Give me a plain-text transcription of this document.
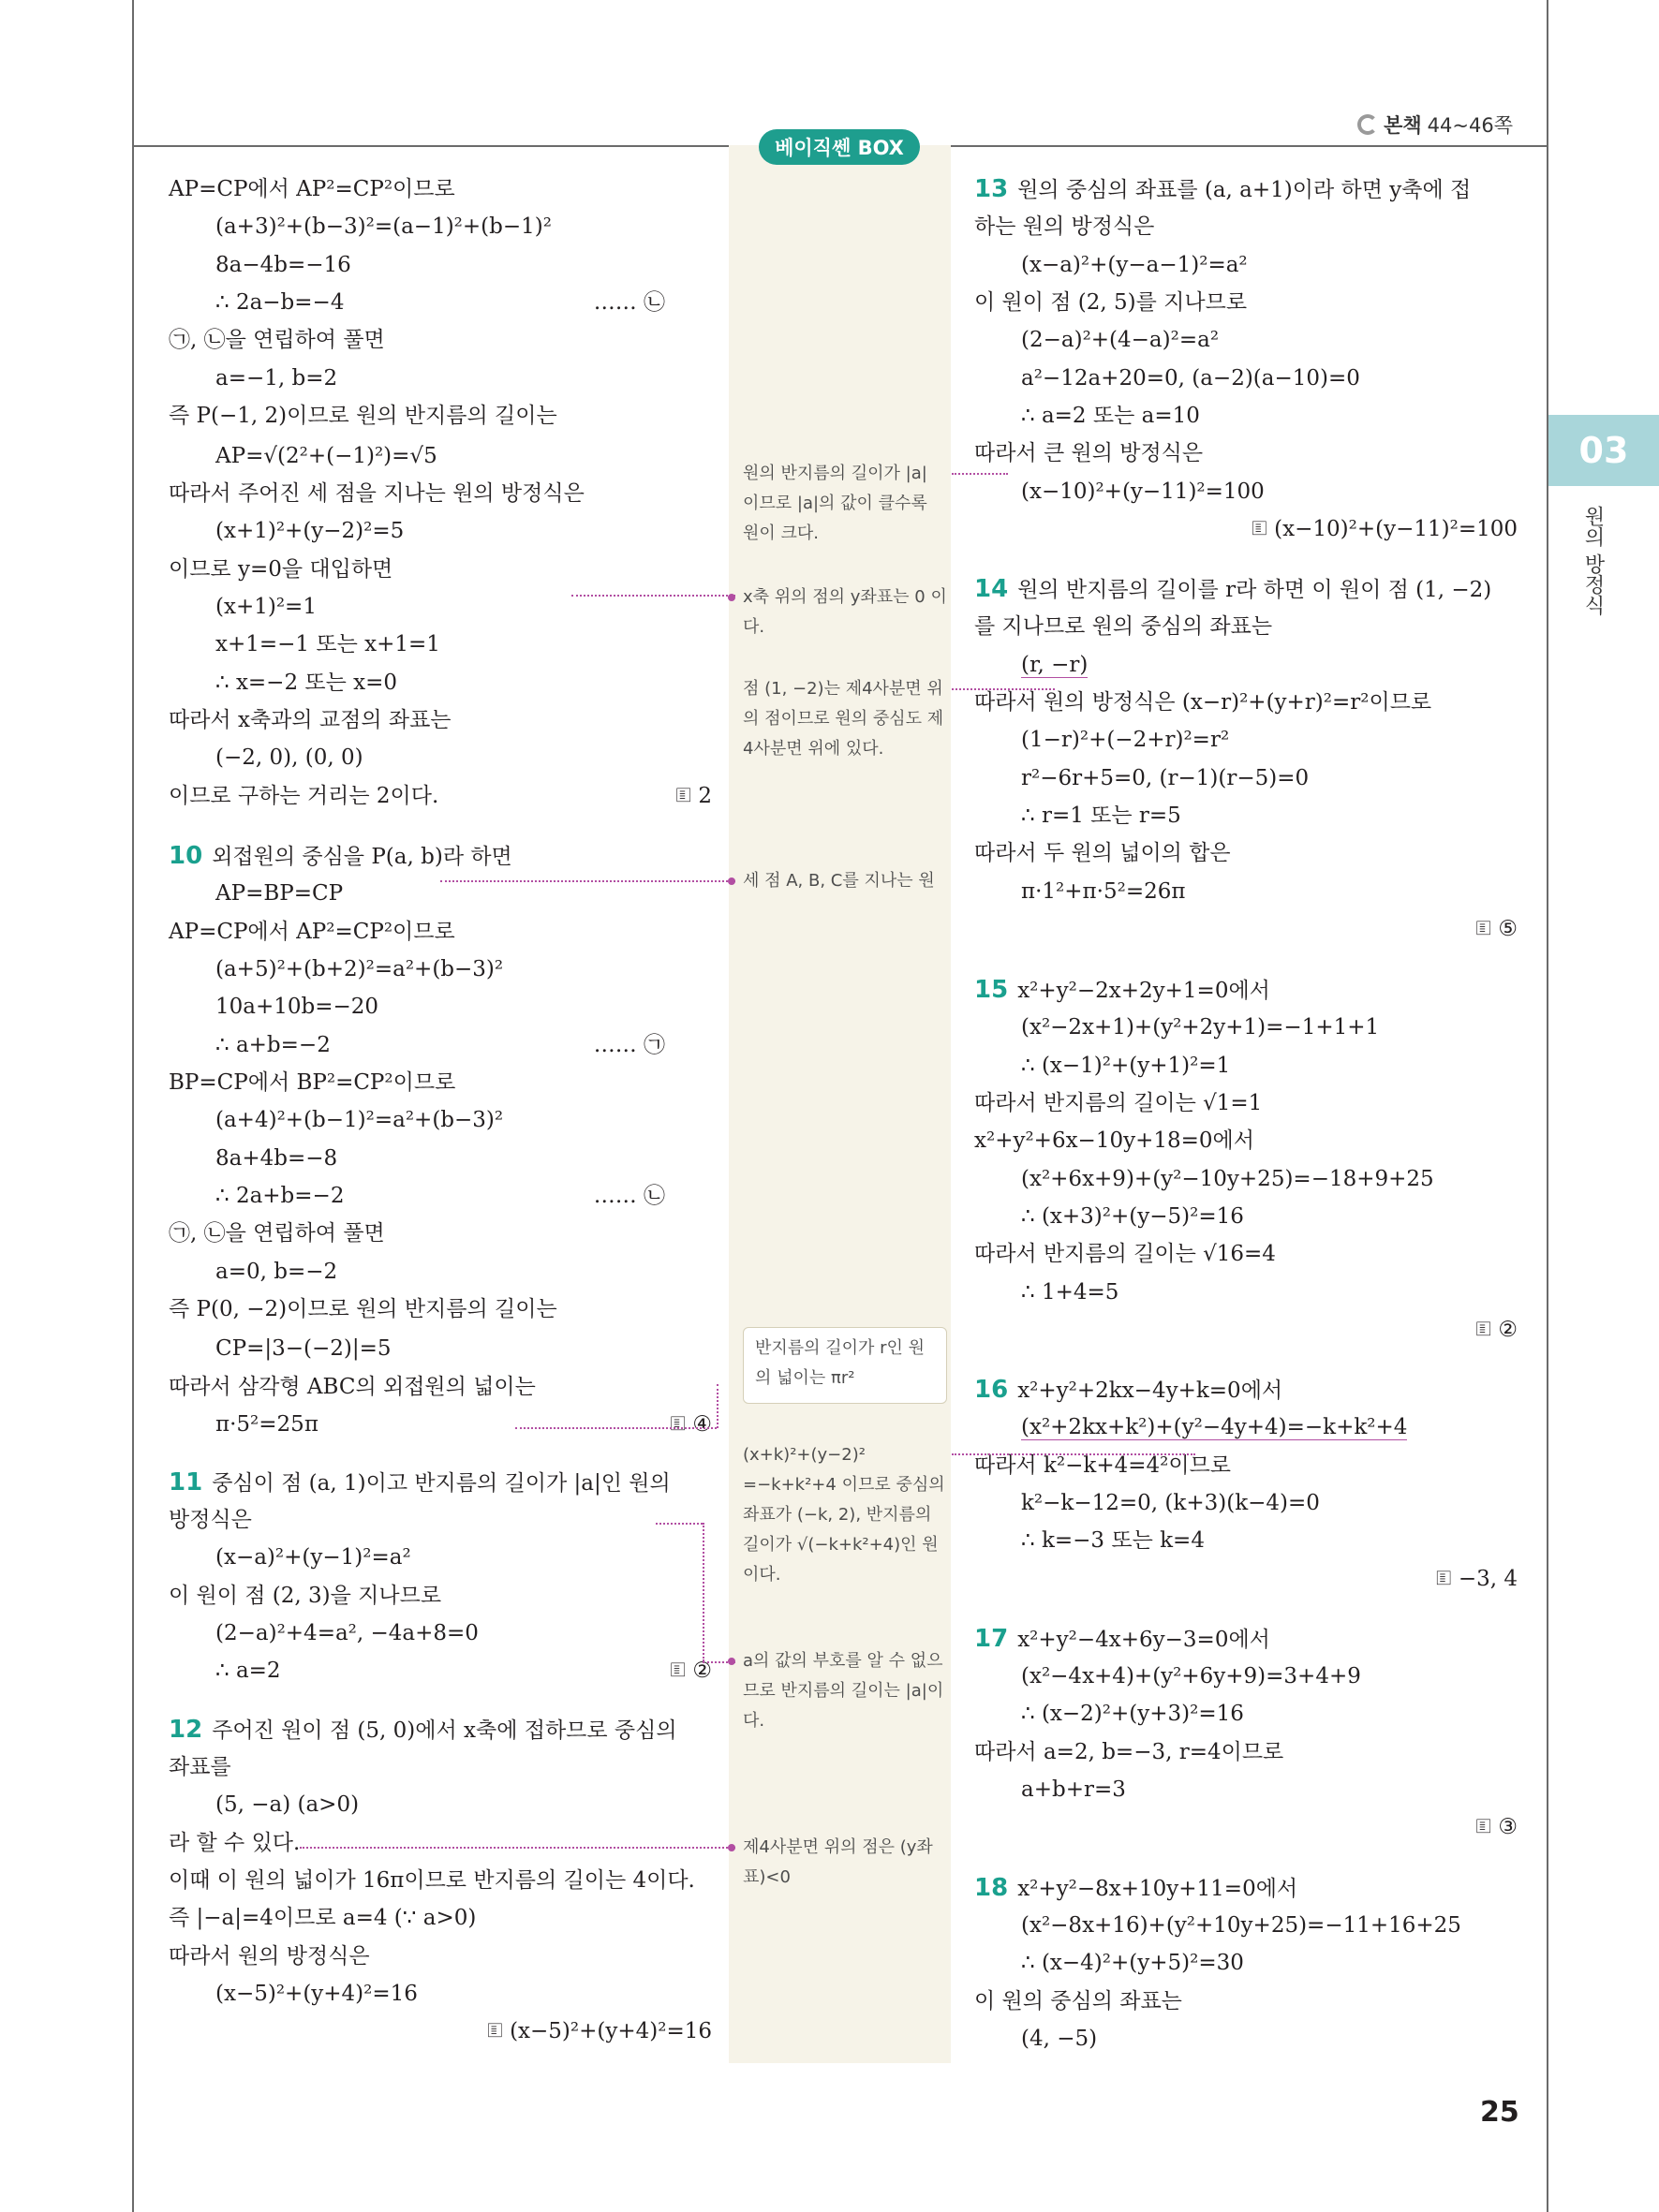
본책 44~46쪽
베이직쎈 BOX
AP=CP에서 AP²=CP²이므로
(a+3)²+(b−3)²=(a−1)²+(b−1)²
8a−4b=−16
∴ 2a−b=−4	…… ㉡
㉠, ㉡을 연립하여 풀면
a=−1, b=2
즉 P(−1, 2)이므로 원의 반지름의 길이는
AP=√(2²+(−1)²)=√5
따라서 주어진 세 점을 지나는 원의 방정식은
(x+1)²+(y−2)²=5
이므로 y=0을 대입하면
(x+1)²=1
x+1=−1 또는 x+1=1
∴ x=−2 또는 x=0
따라서 x축과의 교점의 좌표는
(−2, 0), (0, 0)
이므로 구하는 거리는 2이다.	🗉 2
10 외접원의 중심을 P(a, b)라 하면
AP=BP=CP
AP=CP에서 AP²=CP²이므로
(a+5)²+(b+2)²=a²+(b−3)²
10a+10b=−20
∴ a+b=−2	…… ㉠
BP=CP에서 BP²=CP²이므로
(a+4)²+(b−1)²=a²+(b−3)²
8a+4b=−8
∴ 2a+b=−2	…… ㉡
㉠, ㉡을 연립하여 풀면
a=0, b=−2
즉 P(0, −2)이므로 원의 반지름의 길이는
CP=|3−(−2)|=5
따라서 삼각형 ABC의 외접원의 넓이는
π·5²=25π	🗉 ④
11 중심이 점 (a, 1)이고 반지름의 길이가 |a|인 원의
방정식은
(x−a)²+(y−1)²=a²
이 원이 점 (2, 3)을 지나므로
(2−a)²+4=a², −4a+8=0
∴ a=2	🗉 ②
12 주어진 원이 점 (5, 0)에서 x축에 접하므로 중심의
좌표를
(5, −a) (a>0)
라 할 수 있다.
이때 이 원의 넓이가 16π이므로 반지름의 길이는 4이다.
즉 |−a|=4이므로 a=4 (∵ a>0)
따라서 원의 방정식은
(x−5)²+(y+4)²=16
🗉 (x−5)²+(y+4)²=16
13 원의 중심의 좌표를 (a, a+1)이라 하면 y축에 접
하는 원의 방정식은
(x−a)²+(y−a−1)²=a²
이 원이 점 (2, 5)를 지나므로
(2−a)²+(4−a)²=a²
a²−12a+20=0, (a−2)(a−10)=0
∴ a=2 또는 a=10
따라서 큰 원의 방정식은
(x−10)²+(y−11)²=100
🗉 (x−10)²+(y−11)²=100
14 원의 반지름의 길이를 r라 하면 이 원이 점 (1, −2)
를 지나므로 원의 중심의 좌표는
(r, −r)
따라서 원의 방정식은 (x−r)²+(y+r)²=r²이므로
(1−r)²+(−2+r)²=r²
r²−6r+5=0, (r−1)(r−5)=0
∴ r=1 또는 r=5
따라서 두 원의 넓이의 합은
π·1²+π·5²=26π
🗉 ⑤
15 x²+y²−2x+2y+1=0에서
(x²−2x+1)+(y²+2y+1)=−1+1+1
∴ (x−1)²+(y+1)²=1
따라서 반지름의 길이는 √1=1
x²+y²+6x−10y+18=0에서
(x²+6x+9)+(y²−10y+25)=−18+9+25
∴ (x+3)²+(y−5)²=16
따라서 반지름의 길이는 √16=4
∴ 1+4=5
🗉 ②
16 x²+y²+2kx−4y+k=0에서
(x²+2kx+k²)+(y²−4y+4)=−k+k²+4
따라서 k²−k+4=4²이므로
k²−k−12=0, (k+3)(k−4)=0
∴ k=−3 또는 k=4
🗉 −3, 4
17 x²+y²−4x+6y−3=0에서
(x²−4x+4)+(y²+6y+9)=3+4+9
∴ (x−2)²+(y+3)²=16
따라서 a=2, b=−3, r=4이므로
a+b+r=3
🗉 ③
18 x²+y²−8x+10y+11=0에서
(x²−8x+16)+(y²+10y+25)=−11+16+25
∴ (x−4)²+(y+5)²=30
이 원의 중심의 좌표는
(4, −5)
원의 반지름의 길이가 |a| 이므로 |a|의 값이 클수록 원이 크다.
x축 위의 점의 y좌표는 0 이다.
점 (1, −2)는 제4사분면 위의 점이므로 원의 중심도 제4사분면 위에 있다.
세 점 A, B, C를 지나는 원
반지름의 길이가 r인 원의 넓이는 πr²
(x+k)²+(y−2)² =−k+k²+4 이므로 중심의 좌표가 (−k, 2), 반지름의 길이가 √(−k+k²+4)인 원이다.
a의 값의 부호를 알 수 없으므로 반지름의 길이는 |a|이다.
제4사분면 위의 점은 (y좌표)<0
03
원의 방정식
25
